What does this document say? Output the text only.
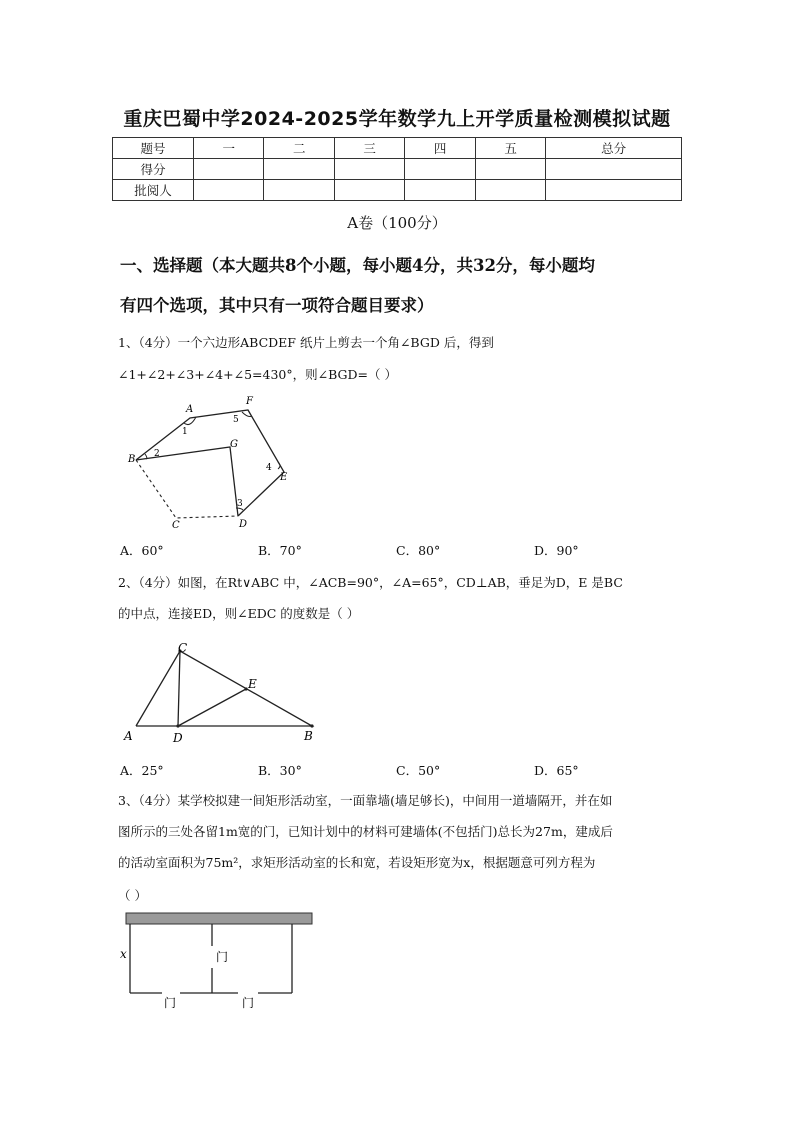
重庆巴蜀中学2024-2025学年数学九上开学质量检测模拟试题
题号	一	二	三	四	五	总分
得分						
批阅人						
A卷（100分）
一、选择题（本大题共8个小题，每小题4分，共32分，每小题均
有四个选项，其中只有一项符合题目要求）
1、（4分）一个六边形ABCDEF 纸片上剪去一个角∠BGD 后，得到
∠1+∠2+∠3+∠4+∠5=430°，则∠BGD=（ ）
A
F
B
G
E
C	D
1
5
2
3
4
A．60°	B．70°	C．80°	D．90°
2、（4分）如图，在Rt∨ABC 中，∠ACB=90°，∠A=65°，CD⊥AB，垂足为D，E 是BC
的中点，连接ED，则∠EDC 的度数是（ ）
A
C
E
D	B
A．25°	B．30°	C．50°	D．65°
3、（4分）某学校拟建一间矩形活动室，一面靠墙(墙足够长)，中间用一道墙隔开，并在如
图所示的三处各留1m宽的门，已知计划中的材料可建墙体(不包括门)总长为27m，建成后
的活动室面积为75m²，求矩形活动室的长和宽，若设矩形宽为x，根据题意可列方程为
（ ）
x	门
门	门
